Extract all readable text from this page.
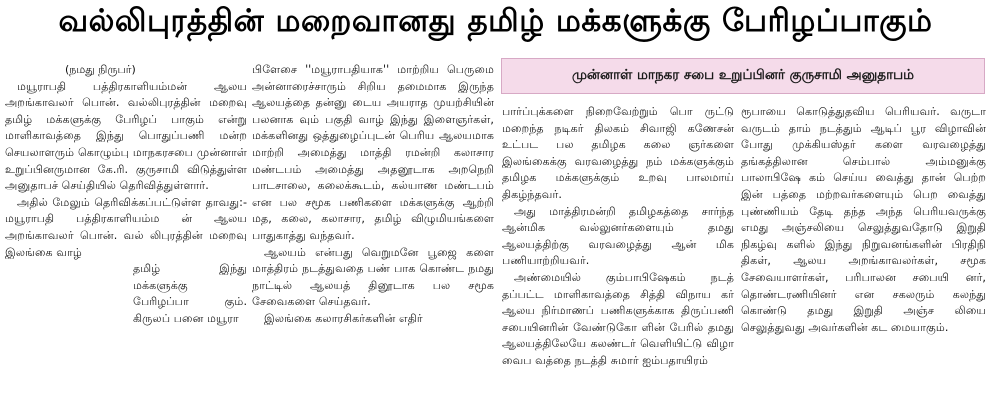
வல்லிபுரத்தின் மறைவானது தமிழ் மக்களுக்கு பேரிழப்பாகும்
முன்னாள் மாநகர சபை உறுப்பினர் குருசாமி அனுதாபம்

(நமது நிருபர்)

மயூராபதி பத்திரகாளியம்மன் ஆலய அறங்காவலர் பொன். வல்லிபுரத்தின் மறைவு தமிழ் மக்களுக்கு பேரிழப் பாகும் என்று மாளிகாவத்தை இந்து பொதுப்பணி மன்ற செயலாளரும் கொழும்பு மாநகரசபை முன்னாள் உறுப்பினருமான கே.ரி. குருசாமி விடுத்துள்ள அனுதாபச் செய்தியில் தெரிவித்துள்ளார்.

அதில் மேலும் தெரிவிக்கப்பட்டுள்ள தாவது:- மயூராபதி பத்திரகாளியம்ம ன் ஆலய அறங்காவலர் பொன். வல் லிபுரத்தின் மறைவு இலங்கை வாழ்

தமிழ் இந்து மக்களுக்கு பேரிழப்பா கும். கிருலப் பனை மயூரா

பிளேசை ''மயூராபதியாக'' மாற்றிய பெருமை அன்னாரைச்சாரும் சிறிய தமைமாக இருந்த ஆலயத்தை தன்னு டைய அயராத முயற்சியின் பலனாக வும் பகுதி வாழ் இந்து இளைஞர்கள், மக்களினது ஒத்துழைப்புடன் பெரிய ஆலயமாக மாற்றி அமைத்து மாத்தி ரமன்றி கலாசார மண்டபம் அமைத்து அதனூடாக அறநெறி பாடசாலை, கலைக்கூடம், கல்யாண மண்டபம் என பல சமூக பணிகளை மக்களுக்கு ஆற்றி மத, கலை, கலாசார, தமிழ் விழுமியங்களை பாதுகாத்து வந்தவர்.

ஆலயம் என்பது வெறுமனே பூஜை களை மாத்திரம் நடத்துவதை பண் பாக கொண்ட நமது நாட்டில் ஆலயத் தினூடாக பல சமூக சேவைகளை செய்தவர்.

இலங்கை கலாரசிகர்களின் எதிர்

பார்ப்புக்களை நிறைவேற்றும் பொ ருட்டு மறைந்த நடிகர் திலகம் சிவாஜி கணேசன் உட்பட பல தமிழக கலை ஞர்களை இலங்கைக்கு வரவழைத்து நம் மக்களுக்கும் தமிழக மக்களுக்கும் உறவு பாலமாய் திகழ்ந்தவர்.

அது மாத்திரமன்றி தமிழகத்தை சார்ந்த ஆன்மிக வல்லுனர்களையும் தமது ஆலயத்திற்கு வரவழைத்து ஆன் மிக பணியாற்றியவர்.

அண்மையில் கும்பாபிஷேகம் நடத் தப்பட்ட மாளிகாவத்தை சித்தி விநாய கர் ஆலய நிர்மாணப் பணிகளுக்காக திருப்பணி சபையினரின் வேண்டுகோ ளின் பேரில் தமது ஆலயத்திலேயே கலண்டர் வெளியிட்டு விழா வைப வத்தை நடத்தி சுமார் ஐம்பதாயிரம்

ரூபாயை கொடுத்துதவிய பெரியவர். வருடா வருடம் தாம் நடத்தும் ஆடிப் பூர விழாவின் போது முக்கியஸ்தர் களை வரவழைத்து தங்கத்திலான செம்பால் அம்மனுக்கு பாலாபிஷே கம் செய்ய வைத்து தான் பெற்ற இன் பத்தை மற்றவர்களையும் பெற வைத்து புண்ணியம் தேடி தந்த அந்த பெரியவருக்கு எமது அஞ்சலியை செலுத்துவதோடு இறுதி நிகழ்வு களில் இந்து நிறுவனங்களின் பிரதிநி திகள், ஆலய அறங்காவலர்கள், சமூக சேவையாளர்கள், பரிபாலன சபையி னர், தொண்டரணியினர் என சகலரும் கலந்து கொண்டு தமது இறுதி அஞ்ச லியை செலுத்துவது அவர்களின் கட மையாகும்.
